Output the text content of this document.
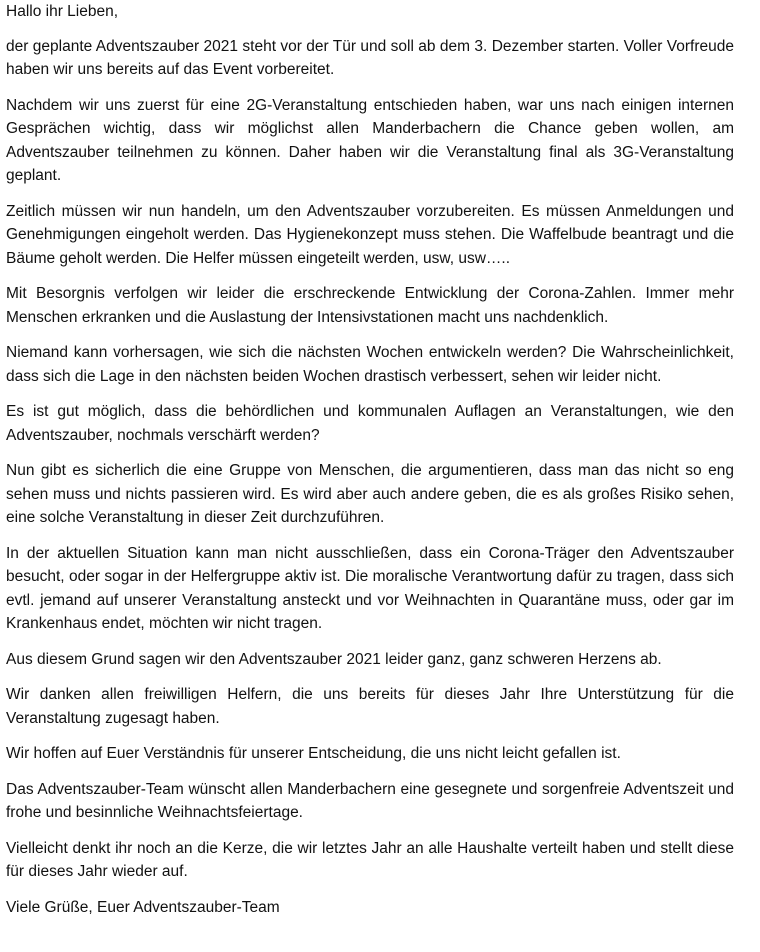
Hallo ihr Lieben,

der geplante Adventszauber 2021 steht vor der Tür und soll ab dem 3. Dezember starten. Voller Vorfreude haben wir uns bereits auf das Event vorbereitet.

Nachdem wir uns zuerst für eine 2G-Veranstaltung entschieden haben, war uns nach einigen internen Gesprächen wichtig, dass wir möglichst allen Manderbachern die Chance geben wollen, am Adventszauber teilnehmen zu können. Daher haben wir die Veranstaltung final als 3G-Veranstaltung geplant.

Zeitlich müssen wir nun handeln, um den Adventszauber vorzubereiten. Es müssen Anmeldungen und Genehmigungen eingeholt werden. Das Hygienekonzept muss stehen. Die Waffelbude beantragt und die Bäume geholt werden. Die Helfer müssen eingeteilt werden, usw, usw…..

Mit Besorgnis verfolgen wir leider die erschreckende Entwicklung der Corona-Zahlen. Immer mehr Menschen erkranken und die Auslastung der Intensivstationen macht uns nachdenklich.

Niemand kann vorhersagen, wie sich die nächsten Wochen entwickeln werden? Die Wahrscheinlichkeit, dass sich die Lage in den nächsten beiden Wochen drastisch verbessert, sehen wir leider nicht.

Es ist gut möglich, dass die behördlichen und kommunalen Auflagen an Veranstaltungen, wie den Adventszauber, nochmals verschärft werden?

Nun gibt es sicherlich die eine Gruppe von Menschen, die argumentieren, dass man das nicht so eng sehen muss und nichts passieren wird. Es wird aber auch andere geben, die es als großes Risiko sehen, eine solche Veranstaltung in dieser Zeit durchzuführen.

In der aktuellen Situation kann man nicht ausschließen, dass ein Corona-Träger den Adventszauber besucht, oder sogar in der Helfergruppe aktiv ist. Die moralische Verantwortung dafür zu tragen, dass sich evtl. jemand auf unserer Veranstaltung ansteckt und vor Weihnachten in Quarantäne muss, oder gar im Krankenhaus endet, möchten wir nicht tragen.

Aus diesem Grund sagen wir den Adventszauber 2021 leider ganz, ganz schweren Herzens ab.

Wir danken allen freiwilligen Helfern, die uns bereits für dieses Jahr Ihre Unterstützung für die Veranstaltung zugesagt haben.

Wir hoffen auf Euer Verständnis für unserer Entscheidung, die uns nicht leicht gefallen ist.

Das Adventszauber-Team wünscht allen Manderbachern eine gesegnete und sorgenfreie Adventszeit und frohe und besinnliche Weihnachtsfeiertage.

Vielleicht denkt ihr noch an die Kerze, die wir letztes Jahr an alle Haushalte verteilt haben und stellt diese für dieses Jahr wieder auf.

Viele Grüße, Euer Adventszauber-Team
